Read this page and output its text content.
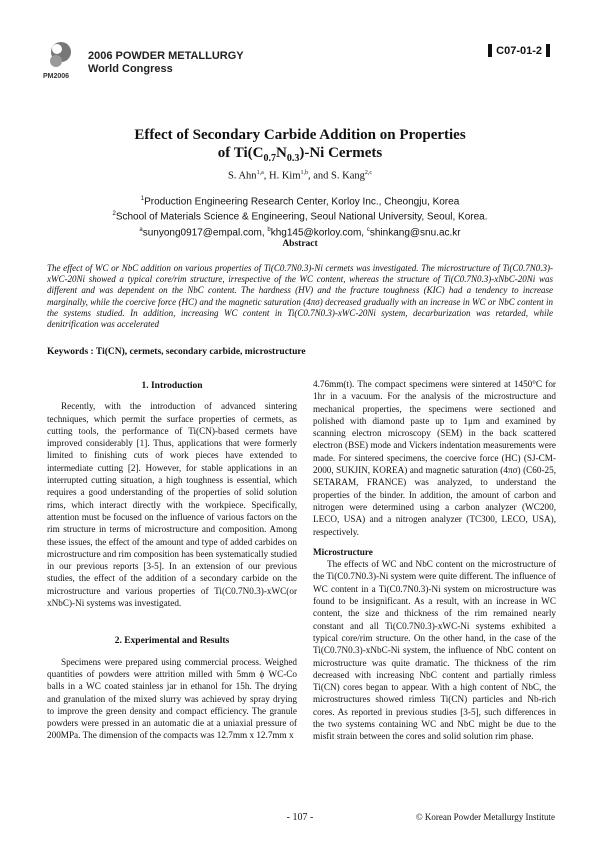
PM2006
2006 POWDER METALLURGY
World Congress
C07-01-2
Effect of Secondary Carbide Addition on Properties
of $Ti(C_{0.7}N_{0.3})-Ni$ Cermets
S. Ahn$^{1,a}$, H. Kim$^{1,b}$, and S. Kang$^{2,c}$
$^1$Production Engineering Research Center, Korloy Inc., Cheongju, Korea
$^2$School of Materials Science & Engineering, Seoul National University, Seoul, Korea.
$^a$sunyong0917@empal.com, $^b$khg145@korloy.com, $^c$shinkang@snu.ac.kr
Abstract
The effect of WC or NbC addition on various properties of Ti(C0.7N0.3)-Ni cermets was investigated. The microstructure of Ti(C0.7N0.3)-xWC-20Ni showed a typical core/rim structure, irrespective of the WC content, whereas the structure of Ti(C0.7N0.3)-xNbC-20Ni was different and was dependent on the NbC content. The hardness (HV) and the fracture toughness (KIC) had a tendency to increase marginally, while the coercive force (HC) and the magnetic saturation (4πσ) decreased gradually with an increase in WC or NbC content in the systems studied. In addition, increasing WC content in Ti(C0.7N0.3)-xWC-20Ni system, decarburization was retarded, while denitrification was accelerated
Keywords : Ti(CN), cermets, secondary carbide, microstructure

1. Introduction

Recently, with the introduction of advanced sintering techniques, which permit the surface properties of cermets, as cutting tools, the performance of Ti(CN)-based cermets have improved considerably [1]. Thus, applications that were formerly limited to finishing cuts of work pieces have extended to intermediate cutting [2]. However, for stable applications in an interrupted cutting situation, a high toughness is essential, which requires a good understanding of the properties of solid solution rims, which interact directly with the workpiece. Specifically, attention must be focused on the influence of various factors on the rim structure in terms of microstructure and composition. Among these issues, the effect of the amount and type of added carbides on microstructure and rim composition has been systematically studied in our previous reports [3-5]. In an extension of our previous studies, the effect of the addition of a secondary carbide on the microstructure and various properties of Ti(C0.7N0.3)-xWC(or xNbC)-Ni systems was investigated.

2. Experimental and Results

Specimens were prepared using commercial process. Weighed quantities of powders were attrition milled with 5mm ϕ WC-Co balls in a WC coated stainless jar in ethanol for 15h. The drying and granulation of the mixed slurry was achieved by spray drying to improve the green density and compact efficiency. The granule powders were pressed in an automatic die at a uniaxial pressure of 200MPa. The dimension of the compacts was 12.7mm x 12.7mm x

4.76mm(t). The compact specimens were sintered at 1450°C for 1hr in a vacuum. For the analysis of the microstructure and mechanical properties, the specimens were sectioned and polished with diamond paste up to 1μm and examined by scanning electron microscopy (SEM) in the back scattered electron (BSE) mode and Vickers indentation measurements were made. For sintered specimens, the coercive force (HC) (SJ-CM-2000, SUKJIN, KOREA) and magnetic saturation (4πσ) (C60-25, SETARAM, FRANCE) was analyzed, to understand the properties of the binder. In addition, the amount of carbon and nitrogen were determined using a carbon analyzer (WC200, LECO, USA) and a nitrogen analyzer (TC300, LECO, USA), respectively.

Microstructure

The effects of WC and NbC content on the microstructure of the Ti(C0.7N0.3)-Ni system were quite different. The influence of WC content in a Ti(C0.7N0.3)-Ni system on microstructure was found to be insignificant. As a result, with an increase in WC content, the size and thickness of the rim remained nearly constant and all Ti(C0.7N0.3)-xWC-Ni systems exhibited a typical core/rim structure. On the other hand, in the case of the Ti(C0.7N0.3)-xNbC-Ni system, the influence of NbC content on microstructure was quite dramatic. The thickness of the rim decreased with increasing NbC content and partially rimless Ti(CN) cores began to appear. With a high content of NbC, the microstructures showed rimless Ti(CN) particles and Nb-rich cores. As reported in previous studies [3-5], such differences in the two systems containing WC and NbC might be due to the misfit strain between the cores and solid solution rim phase.

- 107 -	© Korean Powder Metallurgy Institute
